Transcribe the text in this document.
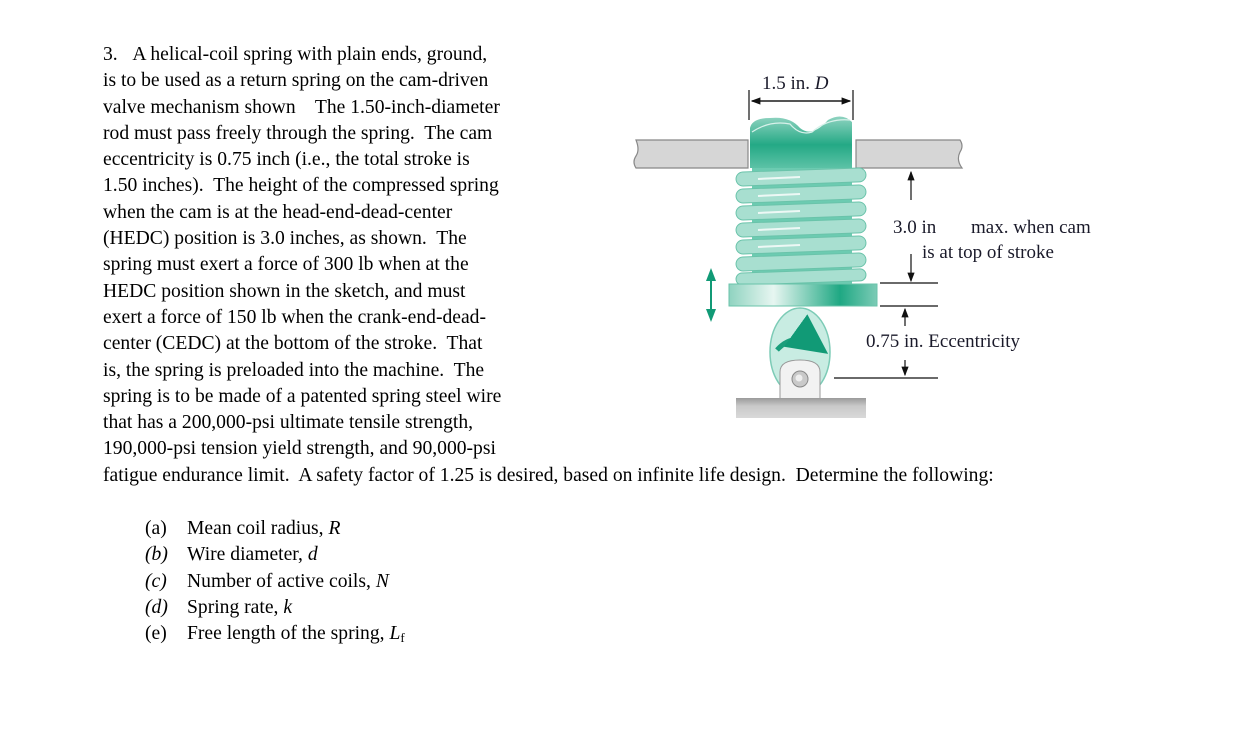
3. A helical-coil spring with plain ends, ground,
is to be used as a return spring on the cam-driven
valve mechanism shown    The 1.50-inch-diameter
rod must pass freely through the spring.  The cam
eccentricity is 0.75 inch (i.e., the total stroke is
1.50 inches).  The height of the compressed spring
when the cam is at the head-end-dead-center
(HEDC) position is 3.0 inches, as shown.  The
spring must exert a force of 300 lb when at the
HEDC position shown in the sketch, and must
exert a force of 150 lb when the crank-end-dead-
center (CEDC) at the bottom of the stroke.  That
is, the spring is preloaded into the machine.  The
spring is to be made of a patented spring steel wire
that has a 200,000-psi ultimate tensile strength,
190,000-psi tension yield strength, and 90,000-psi
fatigue endurance limit.  A safety factor of 1.25 is desired, based on infinite life design.  Determine the following:
(a) Mean coil radius, R
(b) Wire diameter, d
(c) Number of active coils, N
(d) Spring rate, k
(e) Free length of the spring, $L_f$
1.5 in. D
3.0 in max. when cam
is at top of stroke
0.75 in. Eccentricity
